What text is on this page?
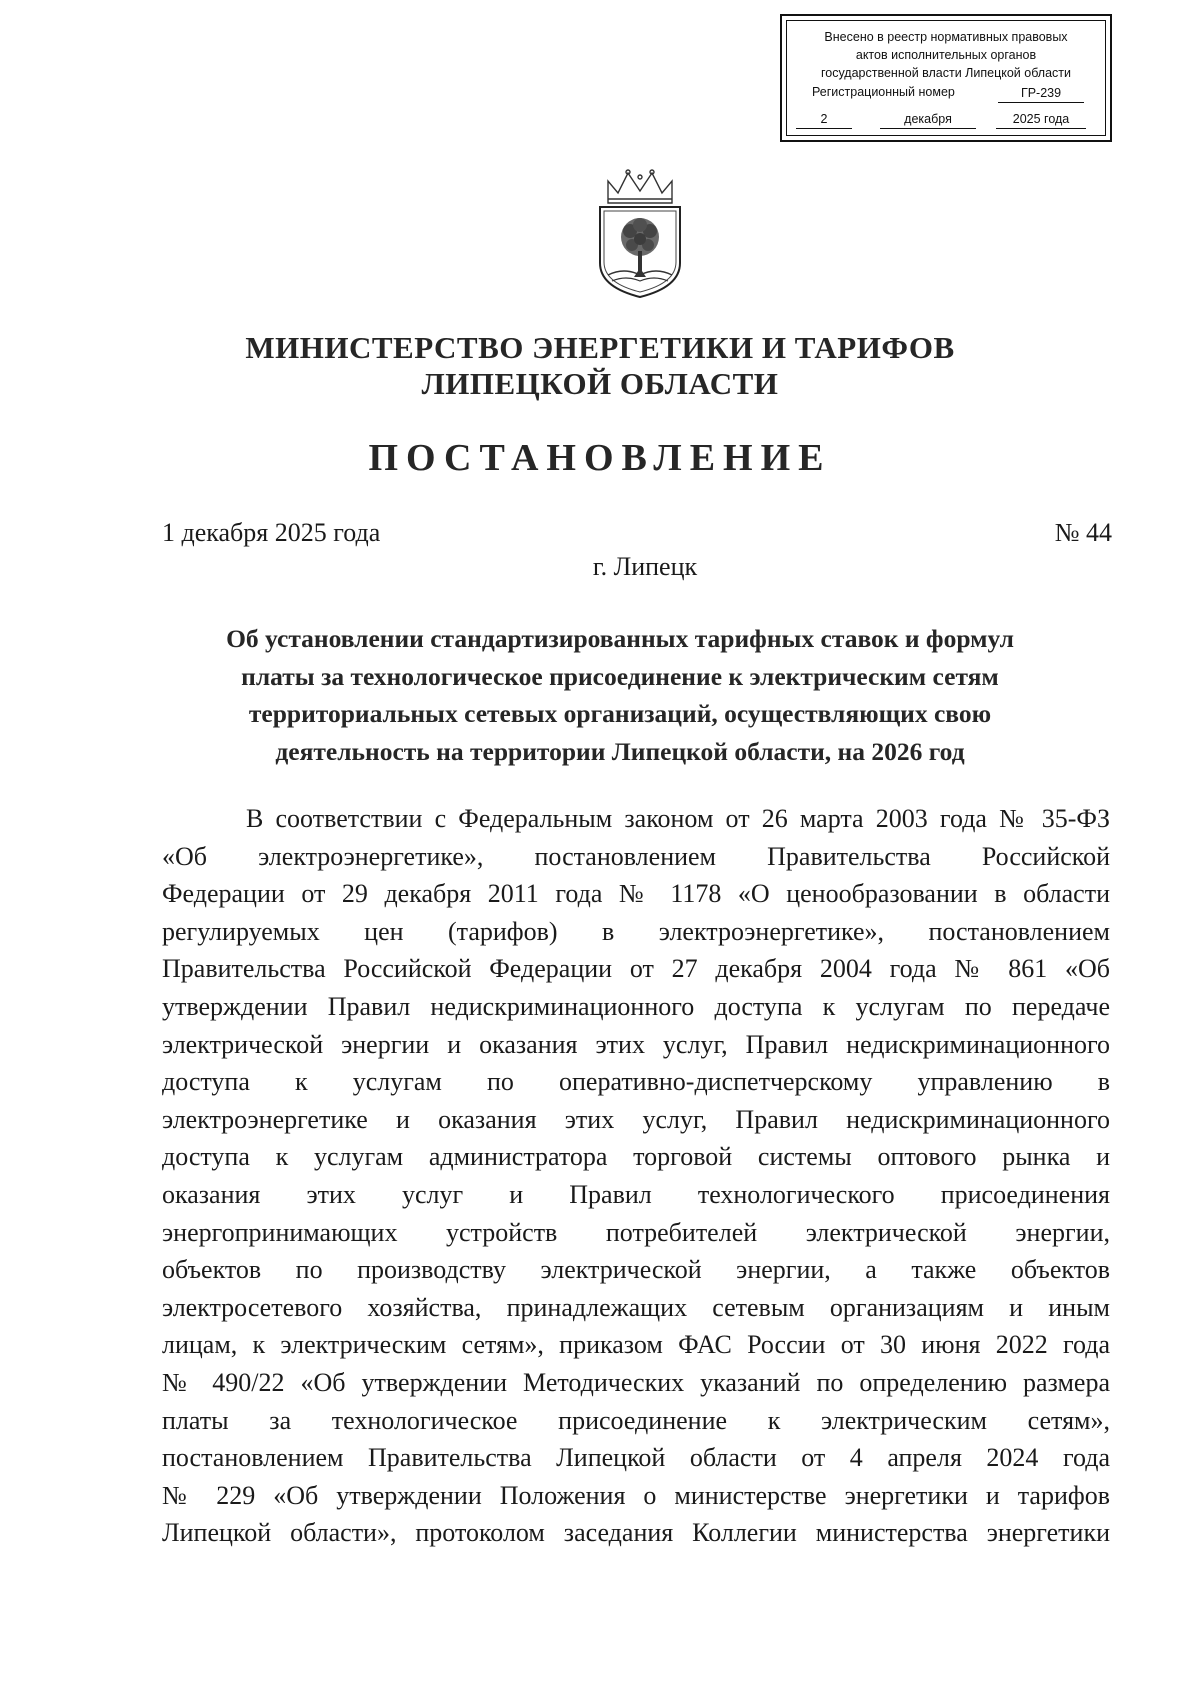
Внесено в реестр нормативных правовых
актов исполнительных органов
государственной власти Липецкой области
Регистрационный номер	ГР-239
2	декабря	2025 года
МИНИСТЕРСТВО ЭНЕРГЕТИКИ И ТАРИФОВ
ЛИПЕЦКОЙ ОБЛАСТИ
ПОСТАНОВЛЕНИЕ
1 декабря 2025 года	№ 44
г. Липецк
Об установлении стандартизированных тарифных ставок и формул
платы за технологическое присоединение к электрическим сетям
территориальных сетевых организаций, осуществляющих свою
деятельность на территории Липецкой области, на 2026 год
В соответствии с Федеральным законом от 26 марта 2003 года № 35-ФЗ
«Об электроэнергетике», постановлением Правительства Российской
Федерации от 29 декабря 2011 года № 1178 «О ценообразовании в области
регулируемых цен (тарифов) в электроэнергетике», постановлением
Правительства Российской Федерации от 27 декабря 2004 года № 861 «Об
утверждении Правил недискриминационного доступа к услугам по передаче
электрической энергии и оказания этих услуг, Правил недискриминационного
доступа к услугам по оперативно-диспетчерскому управлению в
электроэнергетике и оказания этих услуг, Правил недискриминационного
доступа к услугам администратора торговой системы оптового рынка и
оказания этих услуг и Правил технологического присоединения
энергопринимающих устройств потребителей электрической энергии,
объектов по производству электрической энергии, а также объектов
электросетевого хозяйства, принадлежащих сетевым организациям и иным
лицам, к электрическим сетям», приказом ФАС России от 30 июня 2022 года
№ 490/22 «Об утверждении Методических указаний по определению размера
платы за технологическое присоединение к электрическим сетям»,
постановлением Правительства Липецкой области от 4 апреля 2024 года
№ 229 «Об утверждении Положения о министерстве энергетики и тарифов
Липецкой области», протоколом заседания Коллегии министерства энергетики
